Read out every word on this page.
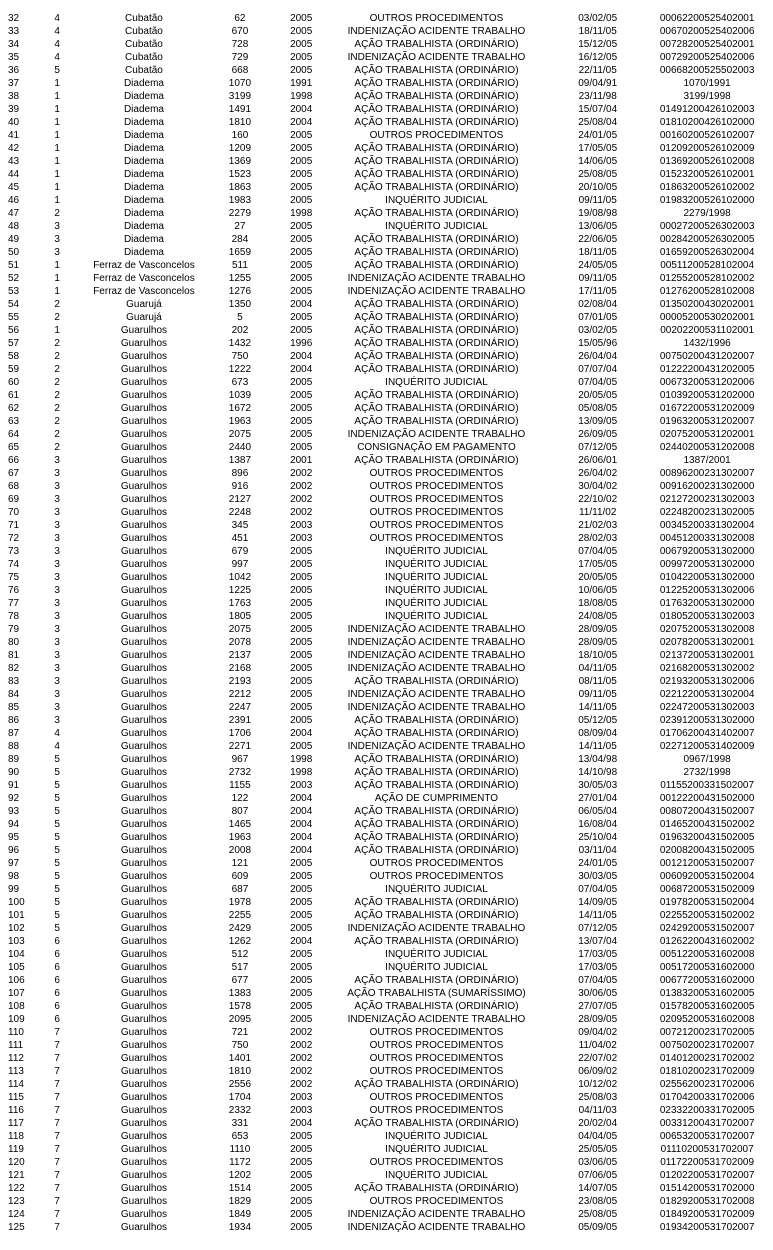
32	4	Cubatão	62	2005	OUTROS PROCEDIMENTOS	03/02/05	00062200525402001
33	4	Cubatão	670	2005	INDENIZAÇÃO ACIDENTE TRABALHO	18/11/05	00670200525402006
34	4	Cubatão	728	2005	AÇÃO TRABALHISTA (ORDINÁRIO)	15/12/05	00728200525402001
35	4	Cubatão	729	2005	INDENIZAÇÃO ACIDENTE TRABALHO	16/12/05	00729200525402006
36	5	Cubatão	668	2005	AÇÃO TRABALHISTA (ORDINÁRIO)	22/11/05	00668200525502003
37	1	Diadema	1070	1991	AÇÃO TRABALHISTA (ORDINÁRIO)	09/04/91	1070/1991
38	1	Diadema	3199	1998	AÇÃO TRABALHISTA (ORDINÁRIO)	23/11/98	3199/1998
39	1	Diadema	1491	2004	AÇÃO TRABALHISTA (ORDINÁRIO)	15/07/04	01491200426102003
40	1	Diadema	1810	2004	AÇÃO TRABALHISTA (ORDINÁRIO)	25/08/04	01810200426102000
41	1	Diadema	160	2005	OUTROS PROCEDIMENTOS	24/01/05	00160200526102007
42	1	Diadema	1209	2005	AÇÃO TRABALHISTA (ORDINÁRIO)	17/05/05	01209200526102009
43	1	Diadema	1369	2005	AÇÃO TRABALHISTA (ORDINÁRIO)	14/06/05	01369200526102008
44	1	Diadema	1523	2005	AÇÃO TRABALHISTA (ORDINÁRIO)	25/08/05	01523200526102001
45	1	Diadema	1863	2005	AÇÃO TRABALHISTA (ORDINÁRIO)	20/10/05	01863200526102002
46	1	Diadema	1983	2005	INQUÉRITO JUDICIAL	09/11/05	01983200526102000
47	2	Diadema	2279	1998	AÇÃO TRABALHISTA (ORDINÁRIO)	19/08/98	2279/1998
48	3	Diadema	27	2005	INQUÉRITO JUDICIAL	13/06/05	00027200526302003
49	3	Diadema	284	2005	AÇÃO TRABALHISTA (ORDINÁRIO)	22/06/05	00284200526302005
50	3	Diadema	1659	2005	AÇÃO TRABALHISTA (ORDINÁRIO)	18/11/05	01659200526302004
51	1	Ferraz de Vasconcelos	511	2005	AÇÃO TRABALHISTA (ORDINÁRIO)	24/05/05	00511200528102004
52	1	Ferraz de Vasconcelos	1255	2005	INDENIZAÇÃO ACIDENTE TRABALHO	09/11/05	01255200528102002
53	1	Ferraz de Vasconcelos	1276	2005	INDENIZAÇÃO ACIDENTE TRABALHO	17/11/05	01276200528102008
54	2	Guarujá	1350	2004	AÇÃO TRABALHISTA (ORDINÁRIO)	02/08/04	01350200430202001
55	2	Guarujá	5	2005	AÇÃO TRABALHISTA (ORDINÁRIO)	07/01/05	00005200530202001
56	1	Guarulhos	202	2005	AÇÃO TRABALHISTA (ORDINÁRIO)	03/02/05	00202200531102001
57	2	Guarulhos	1432	1996	AÇÃO TRABALHISTA (ORDINÁRIO)	15/05/96	1432/1996
58	2	Guarulhos	750	2004	AÇÃO TRABALHISTA (ORDINÁRIO)	26/04/04	00750200431202007
59	2	Guarulhos	1222	2004	AÇÃO TRABALHISTA (ORDINÁRIO)	07/07/04	01222200431202005
60	2	Guarulhos	673	2005	INQUÉRITO JUDICIAL	07/04/05	00673200531202006
61	2	Guarulhos	1039	2005	AÇÃO TRABALHISTA (ORDINÁRIO)	20/05/05	01039200531202000
62	2	Guarulhos	1672	2005	AÇÃO TRABALHISTA (ORDINÁRIO)	05/08/05	01672200531202009
63	2	Guarulhos	1963	2005	AÇÃO TRABALHISTA (ORDINÁRIO)	13/09/05	01963200531202007
64	2	Guarulhos	2075	2005	INDENIZAÇÃO ACIDENTE TRABALHO	26/09/05	02075200531202001
65	2	Guarulhos	2440	2005	CONSIGNAÇÃO EM PAGAMENTO	07/12/05	02440200531202008
66	3	Guarulhos	1387	2001	AÇÃO TRABALHISTA (ORDINÁRIO)	26/06/01	1387/2001
67	3	Guarulhos	896	2002	OUTROS PROCEDIMENTOS	26/04/02	00896200231302007
68	3	Guarulhos	916	2002	OUTROS PROCEDIMENTOS	30/04/02	00916200231302000
69	3	Guarulhos	2127	2002	OUTROS PROCEDIMENTOS	22/10/02	02127200231302003
70	3	Guarulhos	2248	2002	OUTROS PROCEDIMENTOS	11/11/02	02248200231302005
71	3	Guarulhos	345	2003	OUTROS PROCEDIMENTOS	21/02/03	00345200331302004
72	3	Guarulhos	451	2003	OUTROS PROCEDIMENTOS	28/02/03	00451200331302008
73	3	Guarulhos	679	2005	INQUÉRITO JUDICIAL	07/04/05	00679200531302000
74	3	Guarulhos	997	2005	INQUÉRITO JUDICIAL	17/05/05	00997200531302000
75	3	Guarulhos	1042	2005	INQUÉRITO JUDICIAL	20/05/05	01042200531302000
76	3	Guarulhos	1225	2005	INQUÉRITO JUDICIAL	10/06/05	01225200531302006
77	3	Guarulhos	1763	2005	INQUÉRITO JUDICIAL	18/08/05	01763200531302000
78	3	Guarulhos	1805	2005	INQUÉRITO JUDICIAL	24/08/05	01805200531302003
79	3	Guarulhos	2075	2005	INDENIZAÇÃO ACIDENTE TRABALHO	28/09/05	02075200531302008
80	3	Guarulhos	2078	2005	INDENIZAÇÃO ACIDENTE TRABALHO	28/09/05	02078200531302001
81	3	Guarulhos	2137	2005	INDENIZAÇÃO ACIDENTE TRABALHO	18/10/05	02137200531302001
82	3	Guarulhos	2168	2005	INDENIZAÇÃO ACIDENTE TRABALHO	04/11/05	02168200531302002
83	3	Guarulhos	2193	2005	AÇÃO TRABALHISTA (ORDINÁRIO)	08/11/05	02193200531302006
84	3	Guarulhos	2212	2005	INDENIZAÇÃO ACIDENTE TRABALHO	09/11/05	02212200531302004
85	3	Guarulhos	2247	2005	INDENIZAÇÃO ACIDENTE TRABALHO	14/11/05	02247200531302003
86	3	Guarulhos	2391	2005	AÇÃO TRABALHISTA (ORDINÁRIO)	05/12/05	02391200531302000
87	4	Guarulhos	1706	2004	AÇÃO TRABALHISTA (ORDINÁRIO)	08/09/04	01706200431402007
88	4	Guarulhos	2271	2005	INDENIZAÇÃO ACIDENTE TRABALHO	14/11/05	02271200531402009
89	5	Guarulhos	967	1998	AÇÃO TRABALHISTA (ORDINÁRIO)	13/04/98	0967/1998
90	5	Guarulhos	2732	1998	AÇÃO TRABALHISTA (ORDINÁRIO)	14/10/98	2732/1998
91	5	Guarulhos	1155	2003	AÇÃO TRABALHISTA (ORDINÁRIO)	30/05/03	01155200331502007
92	5	Guarulhos	122	2004	AÇÃO DE CUMPRIMENTO	27/01/04	00122200431502000
93	5	Guarulhos	807	2004	AÇÃO TRABALHISTA (ORDINÁRIO)	06/05/04	00807200431502007
94	5	Guarulhos	1465	2004	AÇÃO TRABALHISTA (ORDINÁRIO)	16/08/04	01465200431502002
95	5	Guarulhos	1963	2004	AÇÃO TRABALHISTA (ORDINÁRIO)	25/10/04	01963200431502005
96	5	Guarulhos	2008	2004	AÇÃO TRABALHISTA (ORDINÁRIO)	03/11/04	02008200431502005
97	5	Guarulhos	121	2005	OUTROS PROCEDIMENTOS	24/01/05	00121200531502007
98	5	Guarulhos	609	2005	OUTROS PROCEDIMENTOS	30/03/05	00609200531502004
99	5	Guarulhos	687	2005	INQUÉRITO JUDICIAL	07/04/05	00687200531502009
100	5	Guarulhos	1978	2005	AÇÃO TRABALHISTA (ORDINÁRIO)	14/09/05	01978200531502004
101	5	Guarulhos	2255	2005	AÇÃO TRABALHISTA (ORDINÁRIO)	14/11/05	02255200531502002
102	5	Guarulhos	2429	2005	INDENIZAÇÃO ACIDENTE TRABALHO	07/12/05	02429200531502007
103	6	Guarulhos	1262	2004	AÇÃO TRABALHISTA (ORDINÁRIO)	13/07/04	01262200431602002
104	6	Guarulhos	512	2005	INQUÉRITO JUDICIAL	17/03/05	00512200531602008
105	6	Guarulhos	517	2005	INQUÉRITO JUDICIAL	17/03/05	00517200531602000
106	6	Guarulhos	677	2005	AÇÃO TRABALHISTA (ORDINÁRIO)	07/04/05	00677200531602000
107	6	Guarulhos	1383	2005	AÇÃO TRABALHISTA (SUMARÍSSIMO)	30/06/05	01383200531602005
108	6	Guarulhos	1578	2005	AÇÃO TRABALHISTA (ORDINÁRIO)	27/07/05	01578200531602005
109	6	Guarulhos	2095	2005	INDENIZAÇÃO ACIDENTE TRABALHO	28/09/05	02095200531602008
110	7	Guarulhos	721	2002	OUTROS PROCEDIMENTOS	09/04/02	00721200231702005
111	7	Guarulhos	750	2002	OUTROS PROCEDIMENTOS	11/04/02	00750200231702007
112	7	Guarulhos	1401	2002	OUTROS PROCEDIMENTOS	22/07/02	01401200231702002
113	7	Guarulhos	1810	2002	OUTROS PROCEDIMENTOS	06/09/02	01810200231702009
114	7	Guarulhos	2556	2002	AÇÃO TRABALHISTA (ORDINÁRIO)	10/12/02	02556200231702006
115	7	Guarulhos	1704	2003	OUTROS PROCEDIMENTOS	25/08/03	01704200331702006
116	7	Guarulhos	2332	2003	OUTROS PROCEDIMENTOS	04/11/03	02332200331702005
117	7	Guarulhos	331	2004	AÇÃO TRABALHISTA (ORDINÁRIO)	20/02/04	00331200431702007
118	7	Guarulhos	653	2005	INQUÉRITO JUDICIAL	04/04/05	00653200531702007
119	7	Guarulhos	1110	2005	INQUÉRITO JUDICIAL	25/05/05	01110200531702007
120	7	Guarulhos	1172	2005	OUTROS PROCEDIMENTOS	03/06/05	01172200531702009
121	7	Guarulhos	1202	2005	INQUÉRITO JUDICIAL	07/06/05	01202200531702007
122	7	Guarulhos	1514	2005	AÇÃO TRABALHISTA (ORDINÁRIO)	14/07/05	01514200531702000
123	7	Guarulhos	1829	2005	OUTROS PROCEDIMENTOS	23/08/05	01829200531702008
124	7	Guarulhos	1849	2005	INDENIZAÇÃO ACIDENTE TRABALHO	25/08/05	01849200531702009
125	7	Guarulhos	1934	2005	INDENIZAÇÃO ACIDENTE TRABALHO	05/09/05	01934200531702007
